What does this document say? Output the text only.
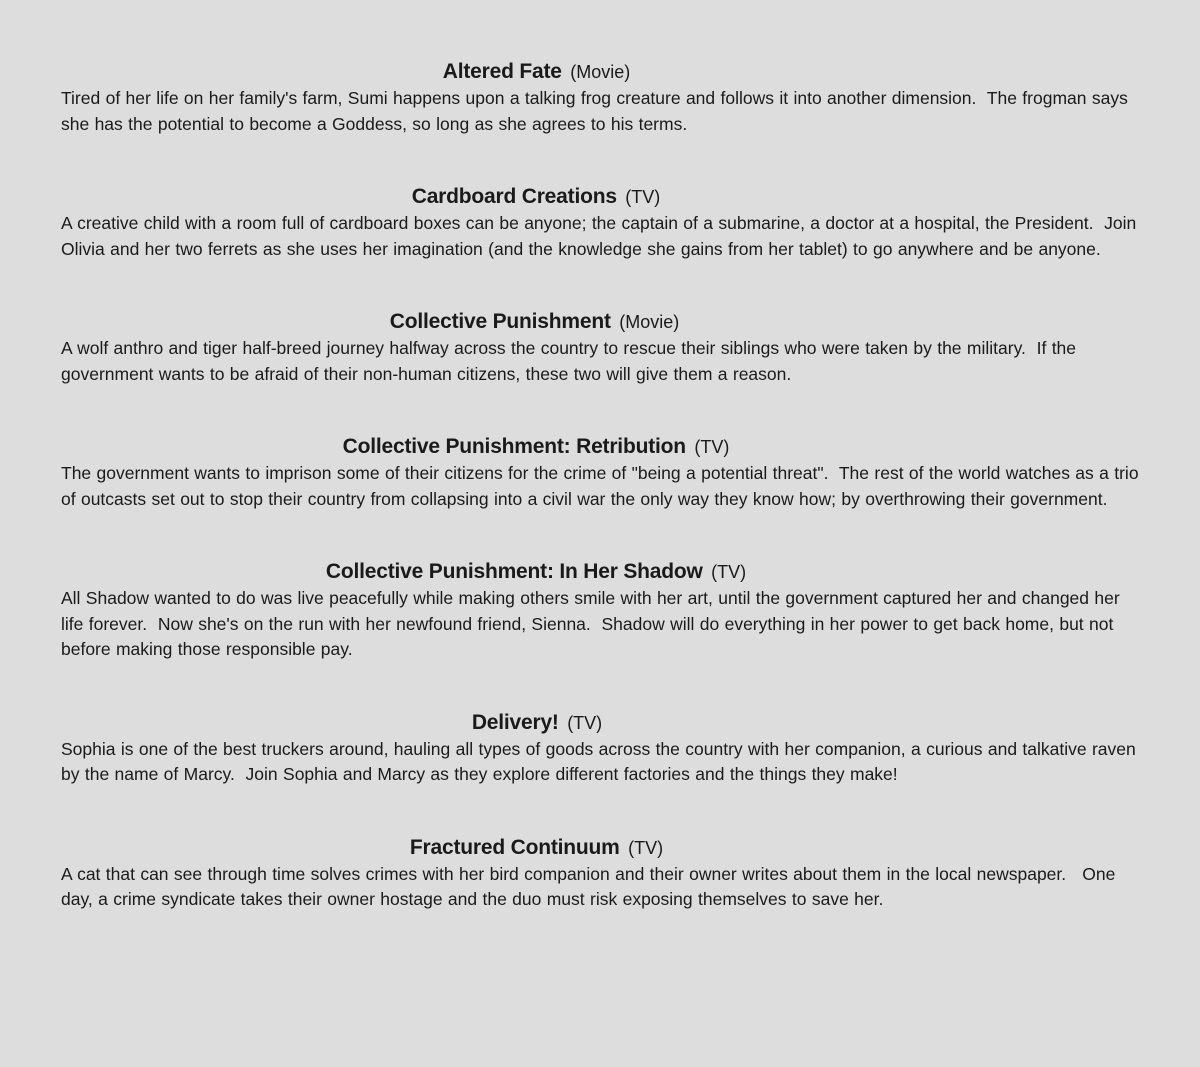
Altered Fate (Movie)

Tired of her life on her family's farm, Sumi happens upon a talking frog creature and follows it into another dimension.  The frogman says she has the potential to become a Goddess, so long as she agrees to his terms.

Cardboard Creations (TV)

A creative child with a room full of cardboard boxes can be anyone; the captain of a submarine, a doctor at a hospital, the President.  Join Olivia and her two ferrets as she uses her imagination (and the knowledge she gains from her tablet) to go anywhere and be anyone.

Collective Punishment (Movie)

A wolf anthro and tiger half-breed journey halfway across the country to rescue their siblings who were taken by the military.  If the government wants to be afraid of their non-human citizens, these two will give them a reason.

Collective Punishment: Retribution (TV)

The government wants to imprison some of their citizens for the crime of "being a potential threat".  The rest of the world watches as a trio of outcasts set out to stop their country from collapsing into a civil war the only way they know how; by overthrowing their government.

Collective Punishment: In Her Shadow (TV)

All Shadow wanted to do was live peacefully while making others smile with her art, until the government captured her and changed her life forever.  Now she's on the run with her newfound friend, Sienna.  Shadow will do everything in her power to get back home, but not before making those responsible pay.

Delivery! (TV)

Sophia is one of the best truckers around, hauling all types of goods across the country with her companion, a curious and talkative raven by the name of Marcy.  Join Sophia and Marcy as they explore different factories and the things they make!

Fractured Continuum (TV)

A cat that can see through time solves crimes with her bird companion and their owner writes about them in the local newspaper.   One day, a crime syndicate takes their owner hostage and the duo must risk exposing themselves to save her.
